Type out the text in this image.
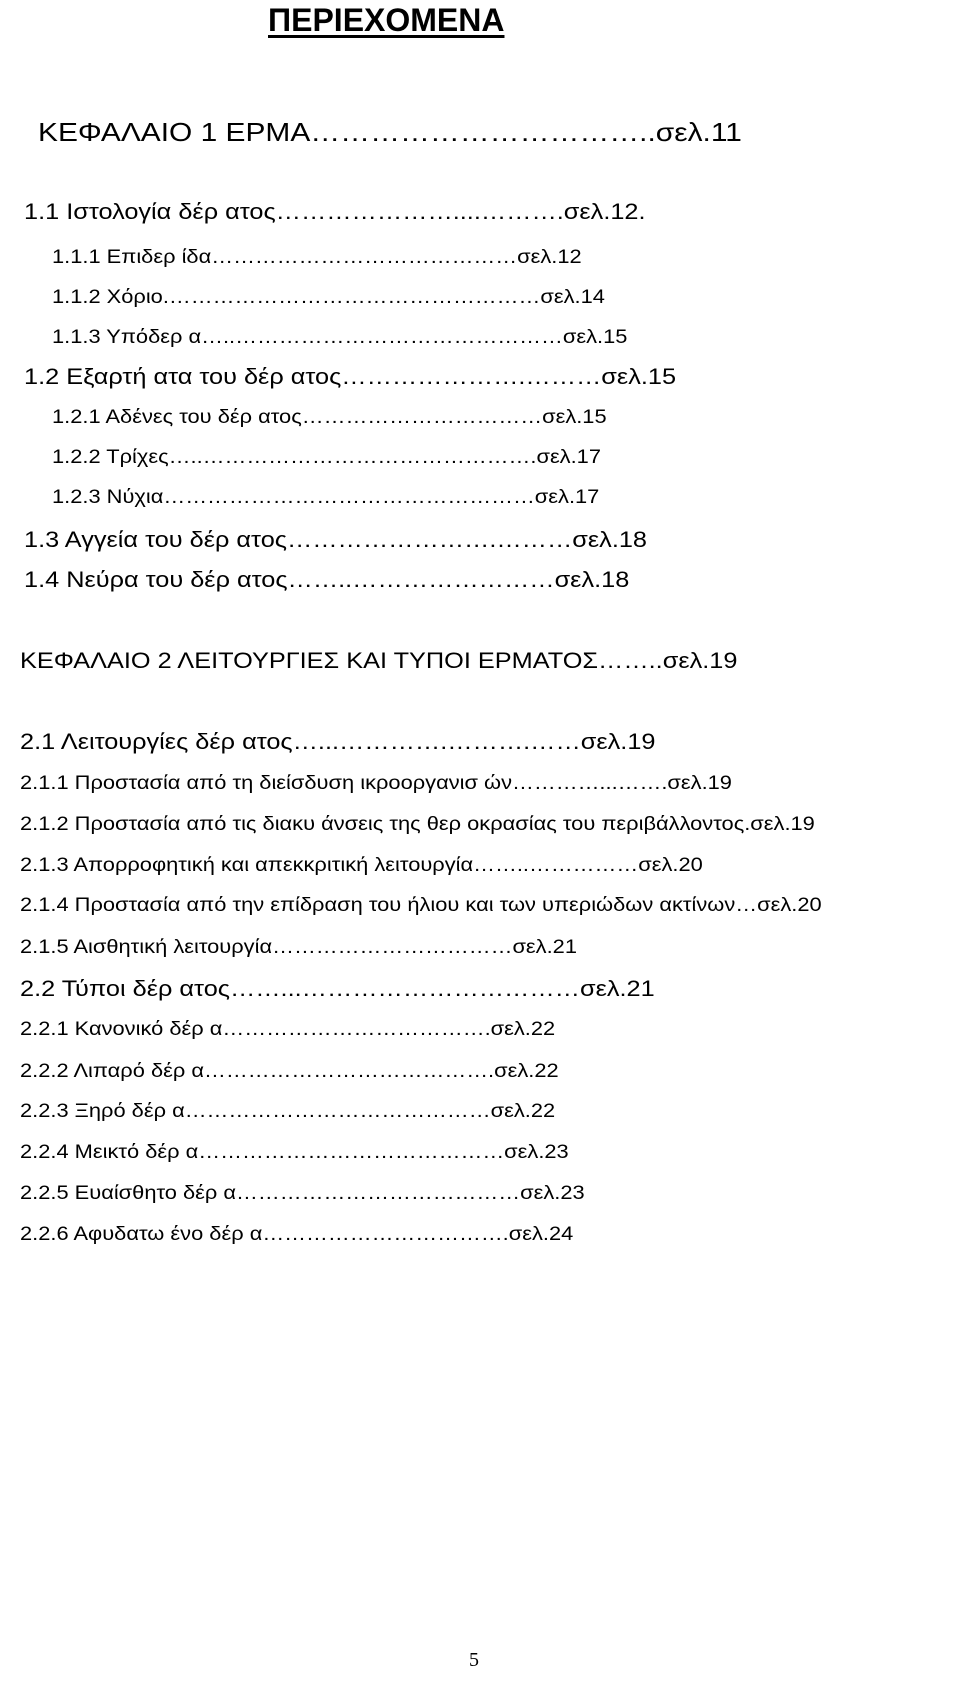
ΠΕΡΙΕΧΟΜΕΝΑ
ΚΕΦΑΛΑΙΟ 1 ΕΡΜΑ……………………………..σελ.11
1.1 Ιστολογία δέρ ατος…………………....……….σελ.12.
1.1.1 Επιδερ ίδα……………………………………σελ.12
1.1.2 Χόριο.……………………………………………σελ.14
1.1.3 Υπόδερ α…..………………………………………σελ.15
1.2 Εξαρτή ατα του δέρ ατος………………….………σελ.15
1.2.1 Αδένες του δέρ ατος……………………………σελ.15
1.2.2 Τρίχες…..……………………………………….σελ.17
1.2.3 Νύχια……………………………………………σελ.17
1.3 Αγγεία του δέρ ατος…………………….………σελ.18
1.4 Νεύρα του δέρ ατος……..……………………σελ.18
ΚΕΦΑΛΑΙΟ 2 ΛΕΙΤΟΥΡΓΙΕΣ ΚΑΙ ΤΥΠΟΙ ΕΡΜΑΤΟΣ……..σελ.19
2.1 Λειτουργίες δέρ ατος…...………….……….……σελ.19
2.1.1 Προστασία από τη διείσδυση ικροοργανισ ών…………...…….σελ.19
2.1.2 Προστασία από τις διακυ άνσεις της θερ οκρασίας του περιβάλλοντος.σελ.19
2.1.3 Απορροφητική και απεκκριτική λειτουργία……..……………σελ.20
2.1.4 Προστασία από την επίδραση του ήλιου και των υπεριώδων ακτίνων…σελ.20
2.1.5 Αισθητική λειτουργία……………………………σελ.21
2.2 Τύποι δέρ ατος……...……………………………σελ.21
2.2.1 Κανονικό δέρ α……………………………….σελ.22
2.2.2 Λιπαρό δέρ α………………………………….σελ.22
2.2.3 Ξηρό δέρ α……………………………………σελ.22
2.2.4 Μεικτό δέρ α……………………………………σελ.23
2.2.5 Ευαίσθητο δέρ α…………………………………σελ.23
2.2.6 Αφυδατω ένο δέρ α…………………………….σελ.24
5
